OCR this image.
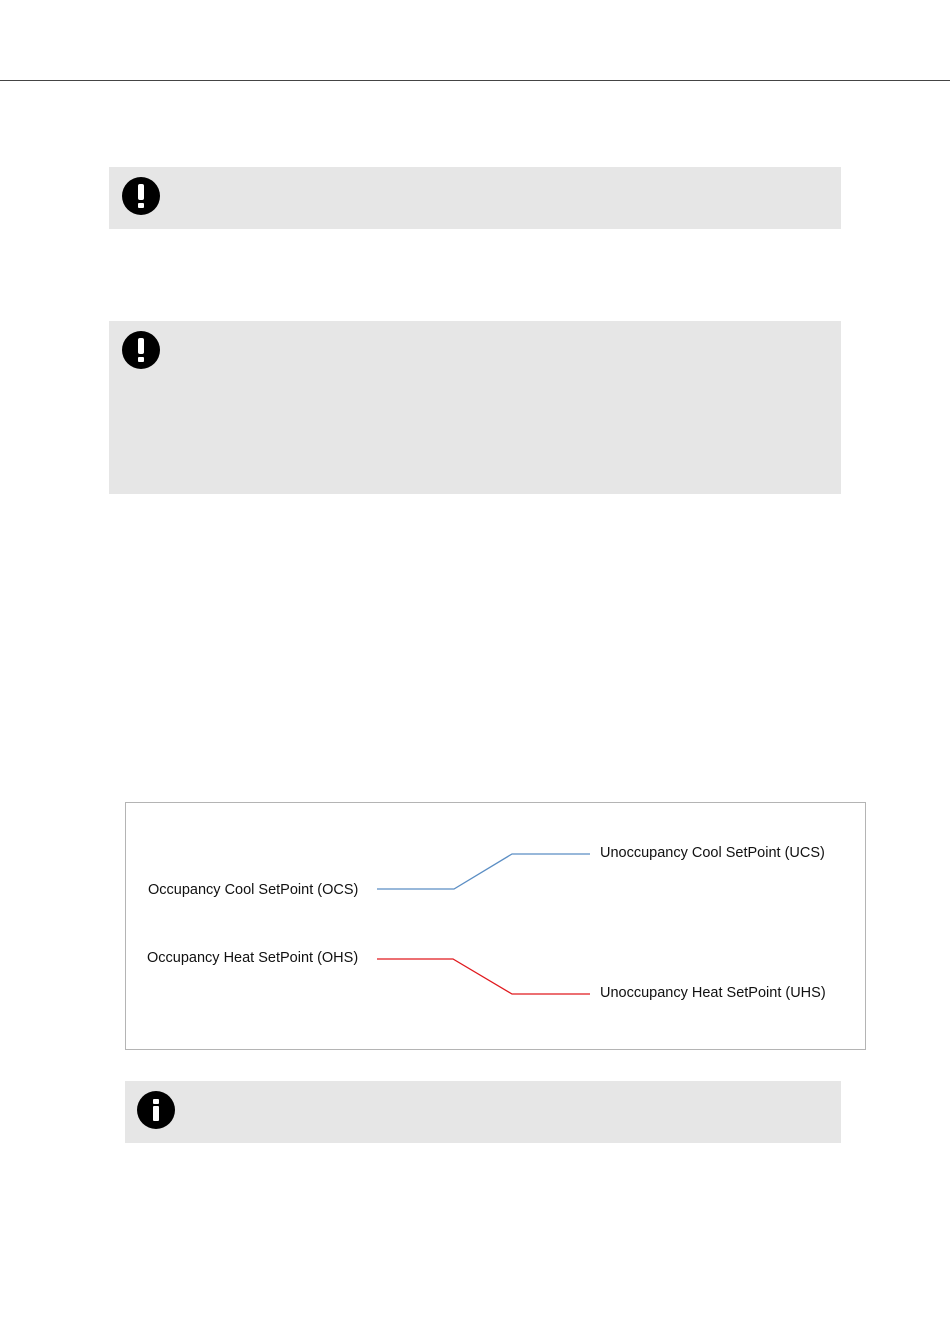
Occupancy Cool SetPoint (OCS)
Unoccupancy Cool SetPoint (UCS)
Occupancy Heat SetPoint (OHS)
Unoccupancy Heat SetPoint (UHS)
